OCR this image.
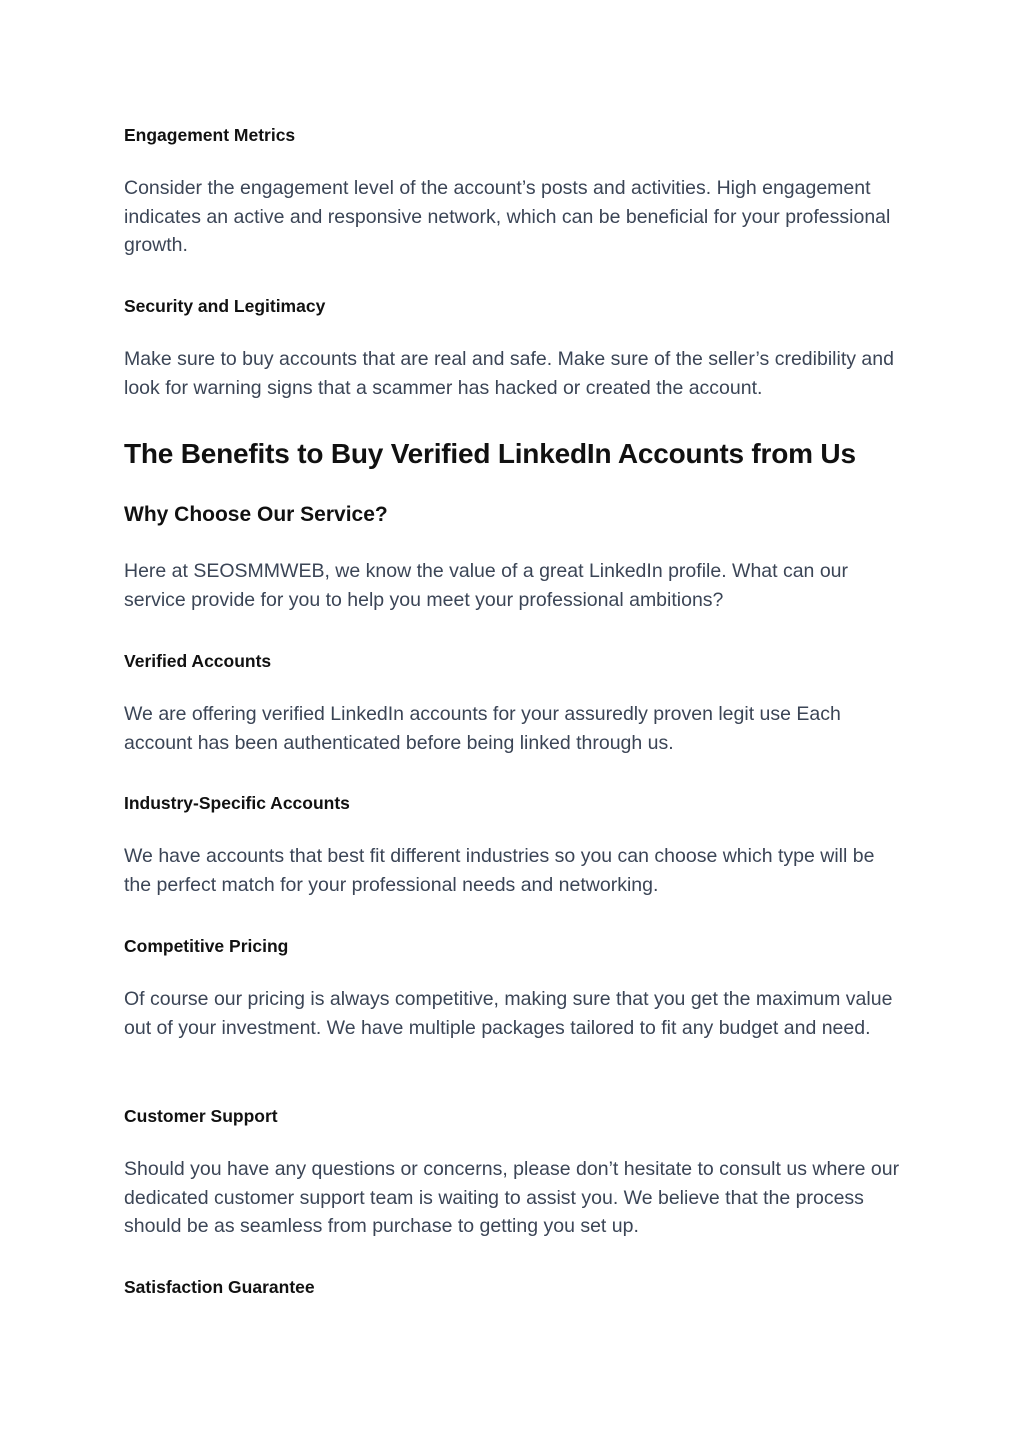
Engagement Metrics

Consider the engagement level of the account’s posts and activities. High engagement indicates an active and responsive network, which can be beneficial for your professional growth.

Security and Legitimacy

Make sure to buy accounts that are real and safe. Make sure of the seller’s credibility and look for warning signs that a scammer has hacked or created the account.

The Benefits to Buy Verified LinkedIn Accounts from Us
Why Choose Our Service?

Here at SEOSMMWEB, we know the value of a great LinkedIn profile. What can our service provide for you to help you meet your professional ambitions?

Verified Accounts

We are offering verified LinkedIn accounts for your assuredly proven legit use Each account has been authenticated before being linked through us.

Industry-Specific Accounts

We have accounts that best fit different industries so you can choose which type will be the perfect match for your professional needs and networking.

Competitive Pricing

Of course our pricing is always competitive, making sure that you get the maximum value out of your investment. We have multiple packages tailored to fit any budget and need.

Customer Support

Should you have any questions or concerns, please don’t hesitate to consult us where our dedicated customer support team is waiting to assist you. We believe that the process should be as seamless from purchase to getting you set up.

Satisfaction Guarantee
